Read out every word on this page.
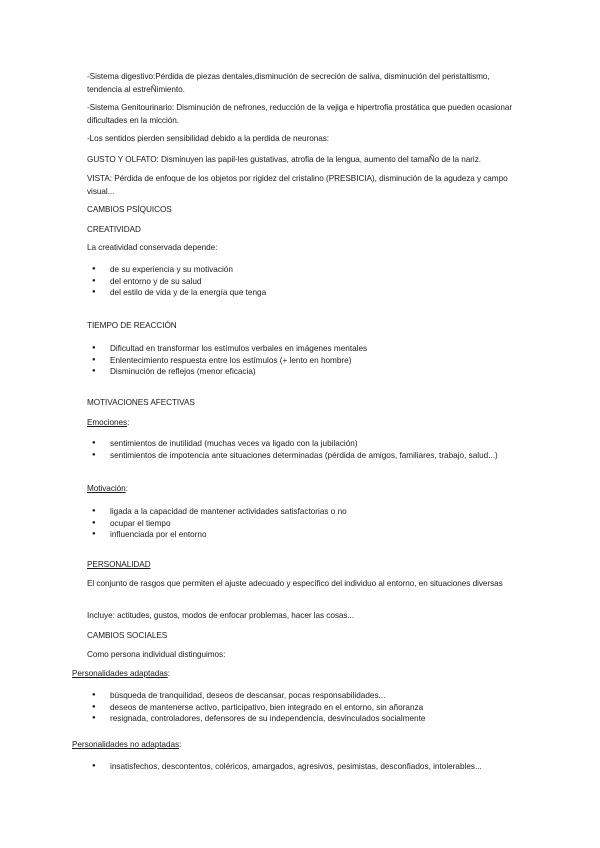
-Sistema digestivo:Pérdida de piezas dentales,disminución de secreción de saliva, disminución del peristaltismo, tendencia al estreÑimiento.

-Sistema Genitourinario: Disminución de nefrones, reducción de la vejiga e hipertrofia prostática que pueden ocasionar dificultades en la micción.

-Los sentidos pierden sensibilidad debido a la perdida de neuronas:

GUSTO Y OLFATO: Disminuyen las papil-les gustativas, atrofia de la lengua, aumento del tamaÑo de la nariz.

VISTA: Pérdida de enfoque de los objetos por rigidez del cristalino (PRESBICIA), disminución de la agudeza y campo visual...

CAMBIOS PSÍQUICOS

CREATIVIDAD

La creatividad conservada depende:

● de su experiencia y su motivación
● del entorno y de su salud
● del estilo de vida y de la energía que tenga

TIEMPO DE REACCIÓN

● Dificultad en transformar los estímulos verbales en imágenes mentales
● Enlentecimiento respuesta entre los estímulos (+ lento en hombre)
● Disminución de reflejos (menor eficacia)

MOTIVACIONES AFECTIVAS

Emociones:

● sentimientos de inutilidad (muchas veces va ligado con la jubilación)
● sentimientos de impotencia ante situaciones determinadas (pérdida de amigos, familiares, trabajo, salud...)

Motivación:

● ligada a la capacidad de mantener actividades satisfactorias o no
● ocupar el tiempo
● influenciada por el entorno

PERSONALIDAD

El conjunto de rasgos que permiten el ajuste adecuado y específico del individuo al entorno, en situaciones diversas

Incluye: actitudes, gustos, modos de enfocar problemas, hacer las cosas...

CAMBIOS SOCIALES

Como persona individual distinguimos:

Personalidades adaptadas:

● búsqueda de tranquilidad, deseos de descansar, pocas responsabilidades...
● deseos de mantenerse activo, participativo, bien integrado en el entorno, sin añoranza
● resignada, controladores, defensores de su independencia, desvinculados socialmente

Personalidades no adaptadas:

● insatisfechos, descontentos, coléricos, amargados, agresivos, pesimistas, desconfiados, intolerables...
